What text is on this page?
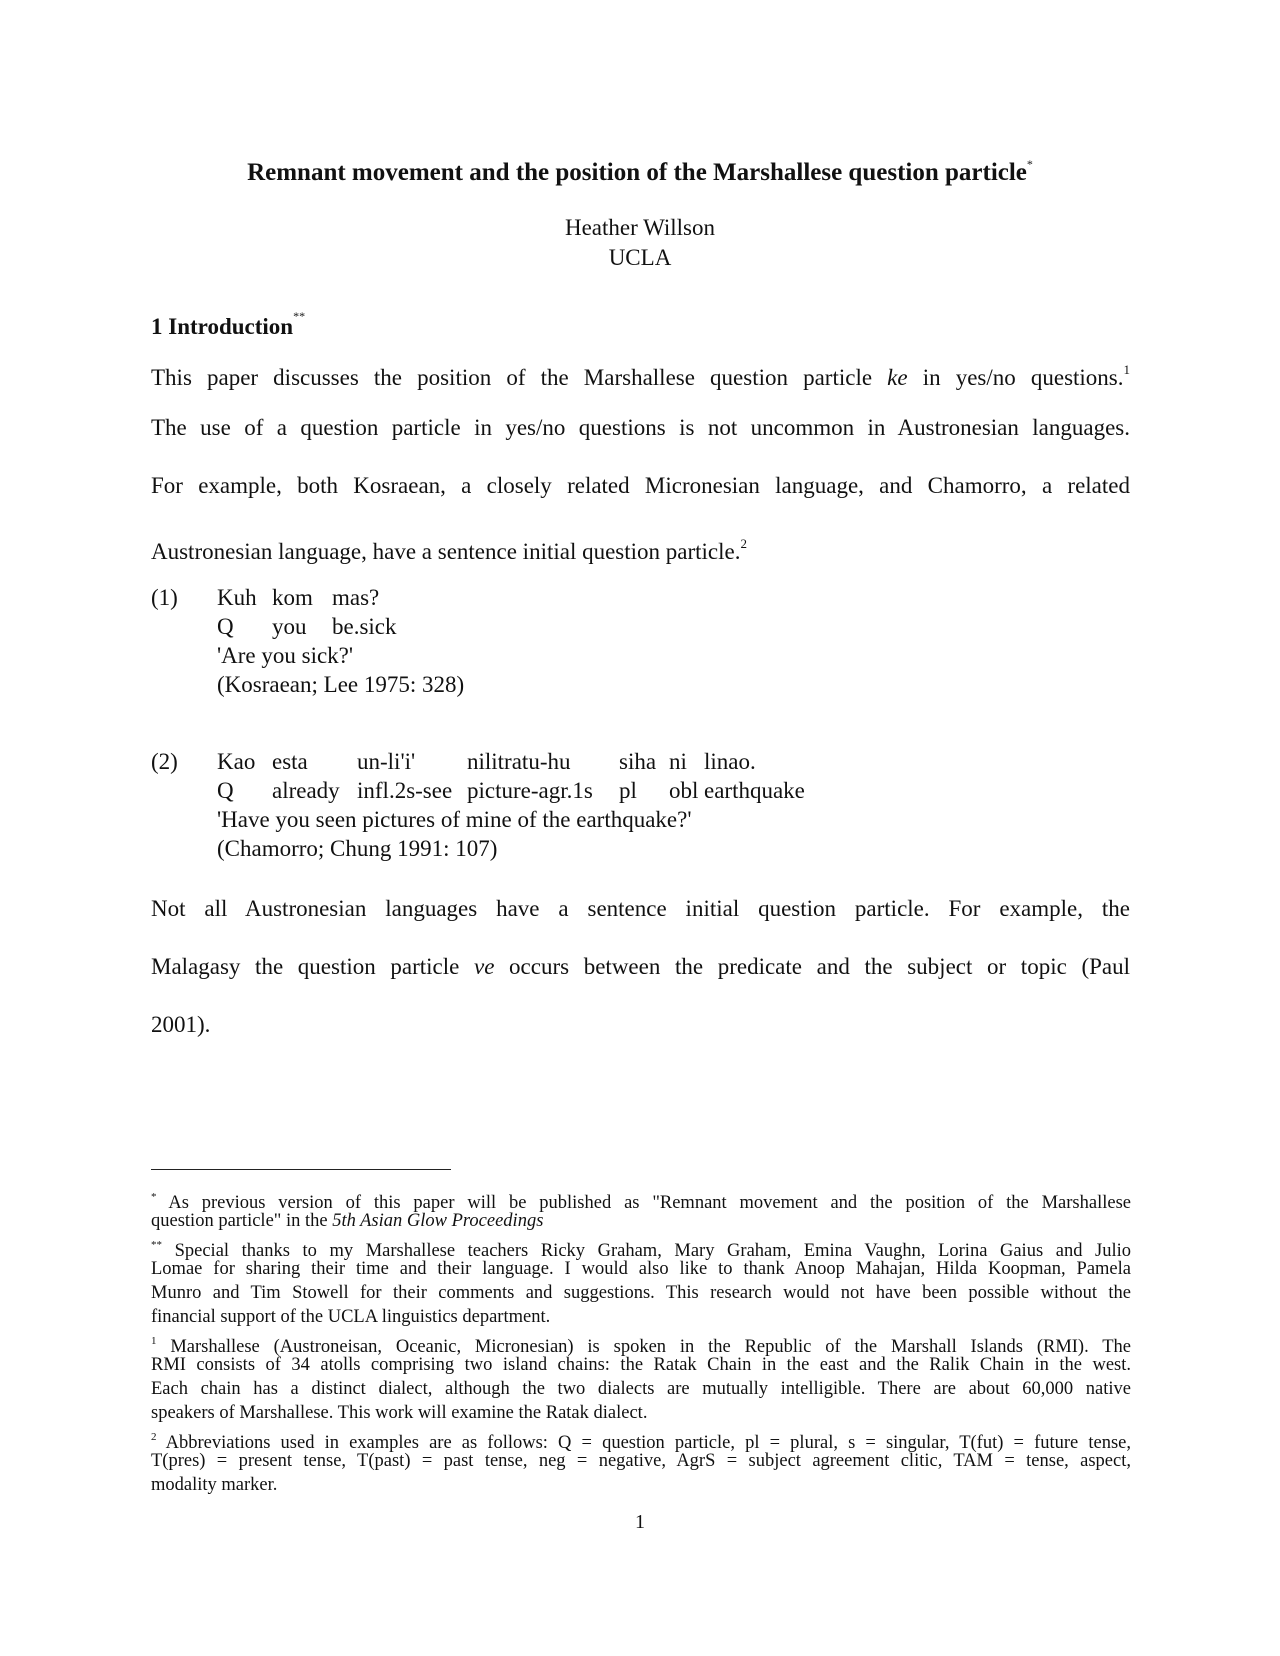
Remnant movement and the position of the Marshallese question particle*
Heather Willson
UCLA
1 Introduction**
This paper discusses the position of the Marshallese question particle ke in yes/no questions.$^1$
The use of a question particle in yes/no questions is not uncommon in Austronesian languages.
For example, both Kosraean, a closely related Micronesian language, and Chamorro, a related
Austronesian language, have a sentence initial question particle.$^2$
(1) Kuh kom mas?
Q you be.sick
'Are you sick?'
(Kosraean; Lee 1975: 328)
(2) Kao esta un-li'i' nilitratu-hu siha ni linao.
Q already infl.2s-see picture-agr.1s pl obl earthquake
'Have you seen pictures of mine of the earthquake?'
(Chamorro; Chung 1991: 107)
Not all Austronesian languages have a sentence initial question particle. For example, the
Malagasy the question particle ve occurs between the predicate and the subject or topic (Paul
2001).
* As previous version of this paper will be published as "Remnant movement and the position of the Marshallese
question particle" in the 5th Asian Glow Proceedings
** Special thanks to my Marshallese teachers Ricky Graham, Mary Graham, Emina Vaughn, Lorina Gaius and Julio
Lomae for sharing their time and their language. I would also like to thank Anoop Mahajan, Hilda Koopman, Pamela
Munro and Tim Stowell for their comments and suggestions. This research would not have been possible without the
financial support of the UCLA linguistics department.
$^1$ Marshallese (Austroneisan, Oceanic, Micronesian) is spoken in the Republic of the Marshall Islands (RMI). The
RMI consists of 34 atolls comprising two island chains: the Ratak Chain in the east and the Ralik Chain in the west.
Each chain has a distinct dialect, although the two dialects are mutually intelligible. There are about 60,000 native
speakers of Marshallese. This work will examine the Ratak dialect.
$^2$ Abbreviations used in examples are as follows: Q = question particle, pl = plural, s = singular, T(fut) = future tense,
T(pres) = present tense, T(past) = past tense, neg = negative, AgrS = subject agreement clitic, TAM = tense, aspect,
modality marker.
1
